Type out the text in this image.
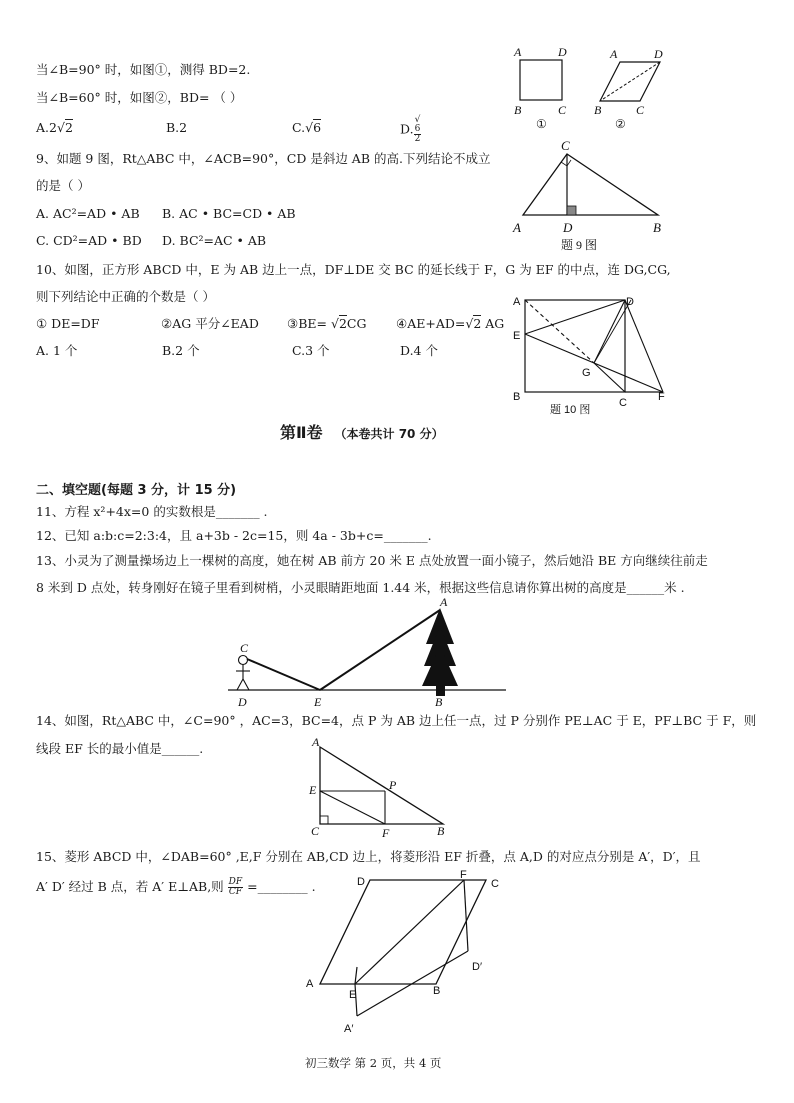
当∠B=90° 时，如图①，测得 BD=2.
当∠B=60° 时，如图②，BD= （ ）
A.2√2	B.2	C.√6	D. √
6
2
A	D
B	C
①
A	D
B	C
②
9、如题 9 图，Rt△ABC 中，∠ACB=90°，CD 是斜边 AB 的高.下列结论不成立
的是（ ）
A. AC²=AD • AB B. AC • BC=CD • AB
C. CD²=AD • BD D. BC²=AC • AB
C
A	D	B
题 9 图
10、如图，正方形 ABCD 中，E 为 AB 边上一点，DF⊥DE 交 BC 的延长线于 F，G 为 EF 的中点，连 DG,CG,
则下列结论中正确的个数是（ ）
① DE=DF	②AG 平分∠EAD ③BE= √2CG ④AE+AD=√2 AG
A. 1 个	B.2 个	C.3 个	D.4 个
A	D
E
G
B	C	F
题 10 图
第Ⅱ卷 （本卷共计 70 分）
二、填空题(每题 3 分，计 15 分)
11、方程 x²+4x=0 的实数根是_______ .
12、已知 a:b:c=2:3:4，且 a+3b - 2c=15，则 4a - 3b+c=_______.
13、小灵为了测量操场边上一棵树的高度，她在树 AB 前方 20 米 E 点处放置一面小镜子，然后她沿 BE 方向继续往前走
8 米到 D 点处，转身刚好在镜子里看到树梢，小灵眼睛距地面 1.44 米，根据这些信息请你算出树的高度是______米 .
C
D	E
A
B
14、如图，Rt△ABC 中，∠C=90° ，AC=3，BC=4，点 P 为 AB 边上任一点，过 P 分别作 PE⊥AC 于 E，PF⊥BC 于 F，则
线段 EF 长的最小值是______.	A
E	P
C	F	B
15、菱形 ABCD 中，∠DAB=60° ,E,F 分别在 AB,CD 边上，将菱形沿 EF 折叠，点 A,D 的对应点分别是 A′，D′，且
A′ D′ 经过 B 点，若 A′ E⊥AB,则 $\frac{DF}{CF}$ =________ .	D
F
C
D′
A
E	B
A′
初三数学 第 2 页，共 4 页
